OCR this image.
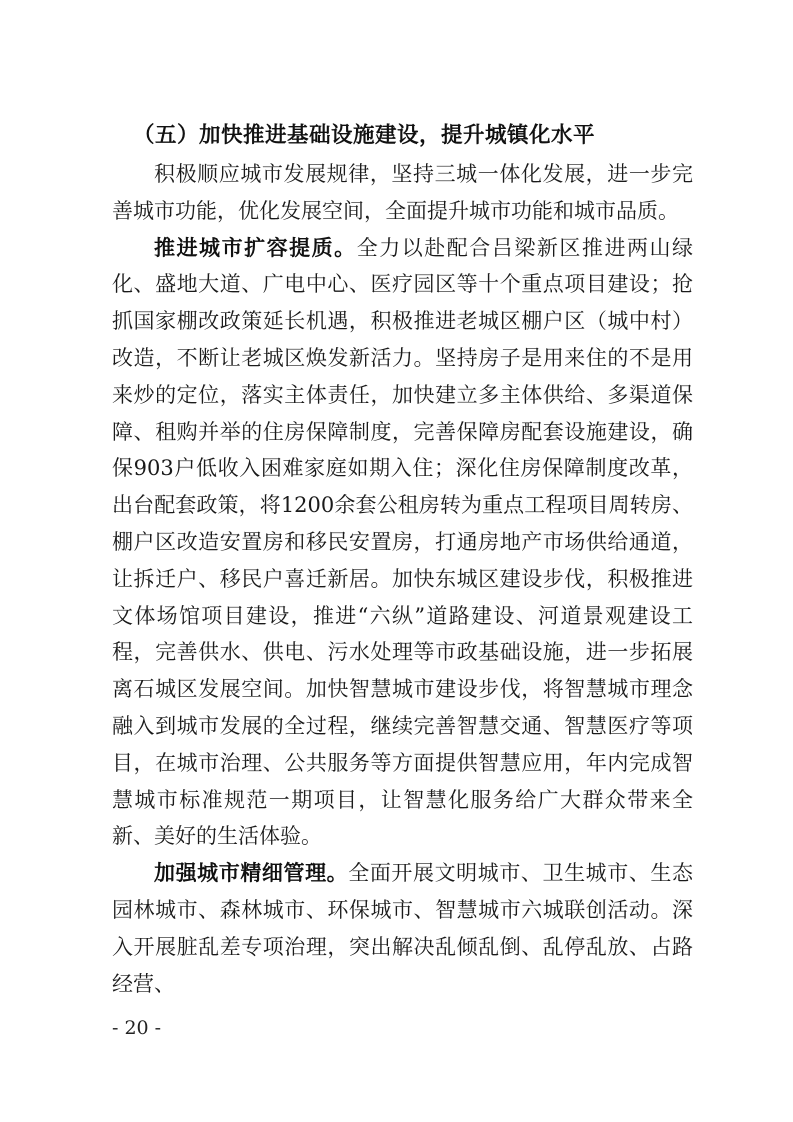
（五）加快推进基础设施建设，提升城镇化水平

积极顺应城市发展规律，坚持三城一体化发展，进一步完善城市功能，优化发展空间，全面提升城市功能和城市品质。

推进城市扩容提质。全力以赴配合吕梁新区推进两山绿化、盛地大道、广电中心、医疗园区等十个重点项目建设；抢抓国家棚改政策延长机遇，积极推进老城区棚户区（城中村）改造，不断让老城区焕发新活力。坚持房子是用来住的不是用来炒的定位，落实主体责任，加快建立多主体供给、多渠道保障、租购并举的住房保障制度，完善保障房配套设施建设，确保903户低收入困难家庭如期入住；深化住房保障制度改革，出台配套政策，将1200余套公租房转为重点工程项目周转房、棚户区改造安置房和移民安置房，打通房地产市场供给通道，让拆迁户、移民户喜迁新居。加快东城区建设步伐，积极推进文体场馆项目建设，推进“六纵”道路建设、河道景观建设工程，完善供水、供电、污水处理等市政基础设施，进一步拓展离石城区发展空间。加快智慧城市建设步伐，将智慧城市理念融入到城市发展的全过程，继续完善智慧交通、智慧医疗等项目，在城市治理、公共服务等方面提供智慧应用，年内完成智慧城市标准规范一期项目，让智慧化服务给广大群众带来全新、美好的生活体验。

加强城市精细管理。全面开展文明城市、卫生城市、生态园林城市、森林城市、环保城市、智慧城市六城联创活动。深入开展脏乱差专项治理，突出解决乱倾乱倒、乱停乱放、占路经营、

- 20 -
